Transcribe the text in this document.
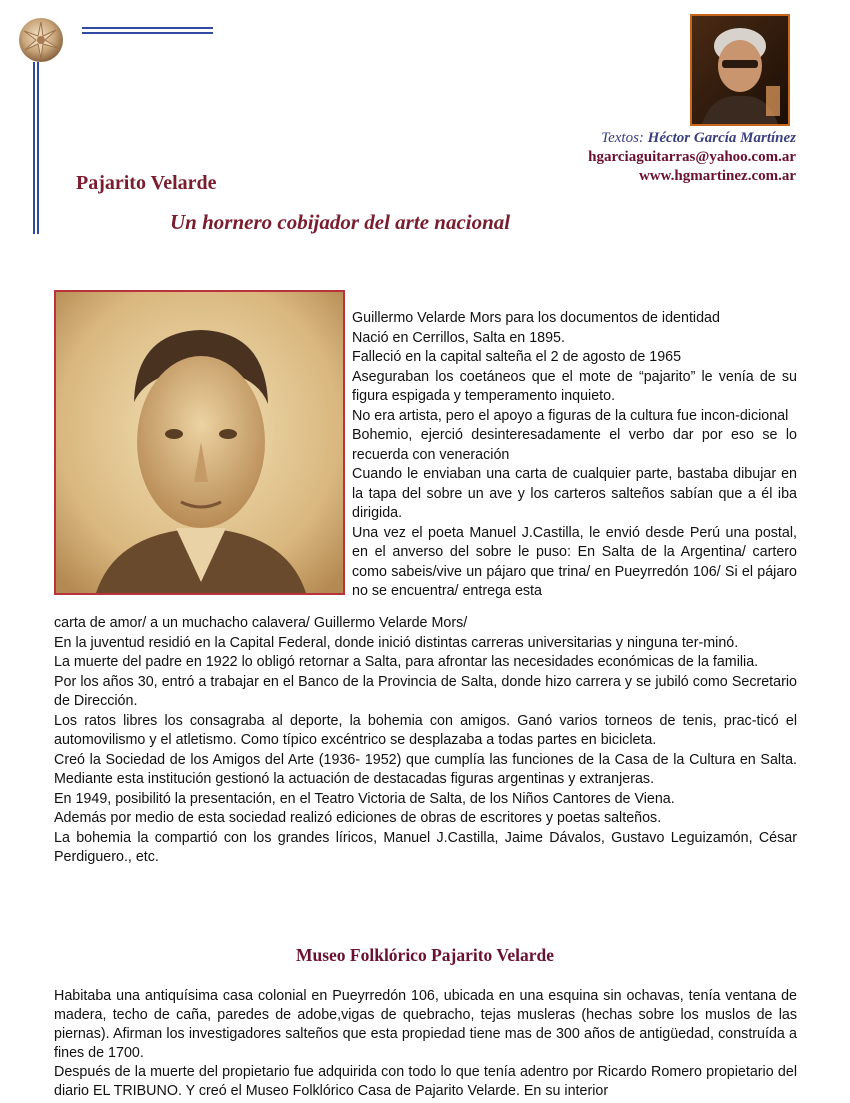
Textos: Héctor García Martínez
hgarciaguitarras@yahoo.com.ar
www.hgmartinez.com.ar
Pajarito Velarde
Un hornero cobijador del arte nacional

Guillermo Velarde Mors para los documentos de identidad

Nació en Cerrillos, Salta en 1895.

Falleció en la capital salteña el 2 de agosto de 1965

Aseguraban los coetáneos que el mote de “pajarito” le venía de su figura espigada y temperamento inquieto.

No era artista, pero el apoyo a figuras de la cultura fue incon-dicional

Bohemio, ejerció desinteresadamente el verbo dar por eso se lo recuerda con veneración

Cuando le enviaban una carta de cualquier parte, bastaba dibujar en la tapa del sobre un ave y los carteros salteños sabían que a él iba dirigida.

Una vez el poeta Manuel J.Castilla, le envió desde Perú una postal, en el anverso del sobre le puso: En Salta de la Argentina/ cartero como sabeis/vive un pájaro que trina/ en Pueyrredón 106/ Si el pájaro no se encuentra/ entrega esta

carta de amor/ a un muchacho calavera/ Guillermo Velarde Mors/

En la juventud residió en la Capital Federal, donde inició distintas carreras universitarias y ninguna ter-minó.

La muerte del padre en 1922 lo obligó retornar a Salta, para afrontar las necesidades económicas de la familia.

Por los años 30, entró a trabajar en el Banco de la Provincia de Salta, donde hizo carrera y se jubiló como Secretario de Dirección.

Los ratos libres los consagraba al deporte, la bohemia con amigos. Ganó varios torneos de tenis, prac-ticó el automovilismo y el atletismo. Como típico excéntrico se desplazaba a todas partes en bicicleta.

Creó la Sociedad de los Amigos del Arte (1936- 1952) que cumplía las funciones de la Casa de la Cultura en Salta. Mediante esta institución gestionó la actuación de destacadas figuras argentinas y extranjeras.

En 1949, posibilitó la presentación, en el Teatro Victoria de Salta, de los Niños Cantores de Viena.

Además por medio de esta sociedad realizó ediciones de obras de escritores y poetas salteños.

La bohemia la compartió con los grandes líricos, Manuel J.Castilla, Jaime Dávalos, Gustavo Leguizamón, César Perdiguero., etc.

Museo Folklórico Pajarito Velarde

Habitaba una antiquísima casa colonial en Pueyrredón 106, ubicada en una esquina sin ochavas, tenía ventana de madera, techo de caña, paredes de adobe,vigas de quebracho, tejas musleras (hechas sobre los muslos de las piernas). Afirman los investigadores salteños que esta propiedad tiene mas de 300 años de antigüedad, construída a fines de 1700.

Después de la muerte del propietario fue adquirida con todo lo que tenía adentro por Ricardo Romero propietario del diario EL TRIBUNO. Y creó el Museo Folklórico Casa de Pajarito Velarde. En su interior
